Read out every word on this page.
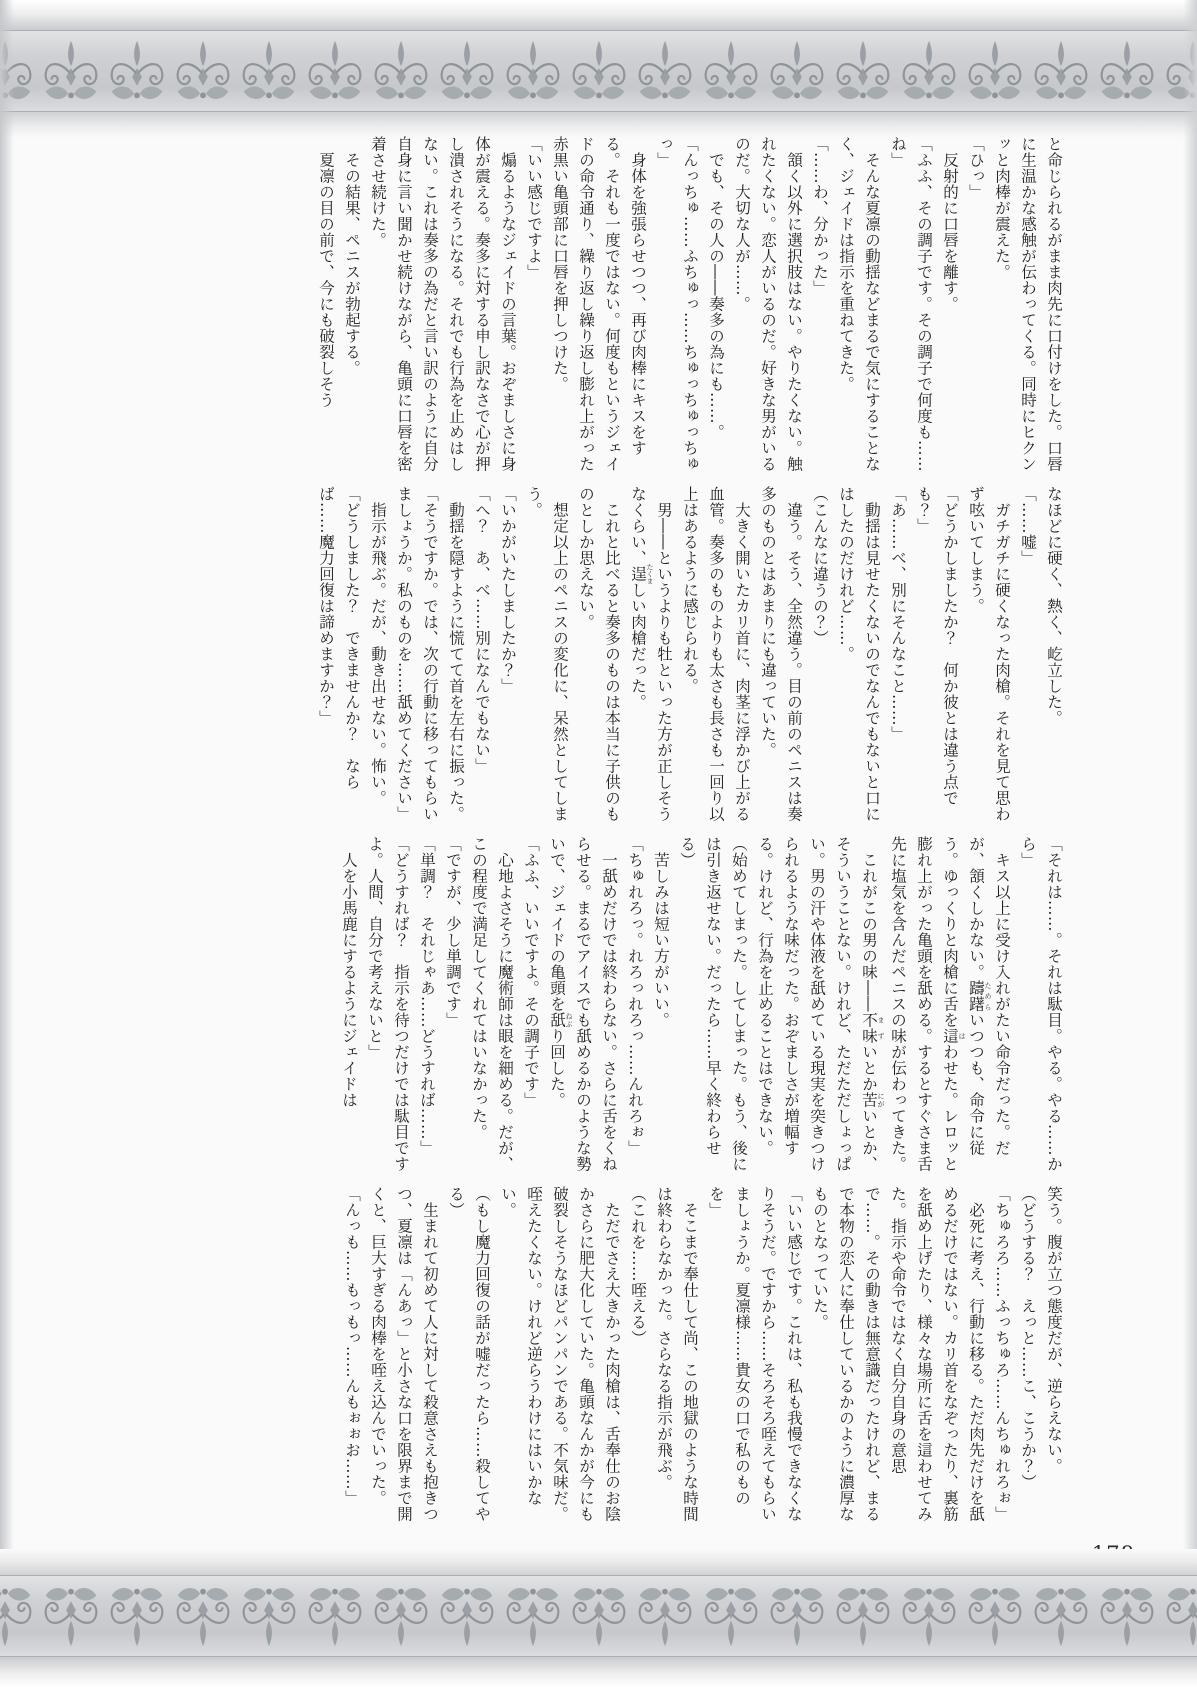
と命じられるがまま肉先に口付けをした。口唇に生温かな感触が伝わってくる。同時にヒクンッと肉棒が震えた。

「ひっ」

　反射的に口唇を離す。

「ふふ、その調子です。その調子で何度も……ね」

　そんな夏凛の動揺などまるで気にすることなく、ジェイドは指示を重ねてきた。

「……わ、分かった」

　頷く以外に選択肢はない。やりたくない。触れたくない。恋人がいるのだ。好きな男がいるのだ。大切な人が……。

　でも、その人の――奏多の為にも……。

「んっちゅ……ふちゅっ……ちゅっちゅっちゅっ」

　身体を強張らせつつ、再び肉棒にキスをする。それも一度ではない。何度もというジェイドの命令通り、繰り返し繰り返し膨れ上がった赤黒い亀頭部に口唇を押しつけた。

「いい感じですよ」

　煽るようなジェイドの言葉。おぞましさに身体が震える。奏多に対する申し訳なさで心が押し潰されそうになる。それでも行為を止めはしない。これは奏多の為だと言い訳のように自分自身に言い聞かせ続けながら、亀頭に口唇を密着させ続けた。

　その結果、ペニスが勃起する。

　夏凛の目の前で、今にも破裂しそう

なほどに硬く、熱く、屹立した。

「……嘘」

　ガチガチに硬くなった肉槍。それを見て思わず呟いてしまう。

「どうかしましたか？　何か彼とは違う点でも？」

「あ……べ、別にそんなこと……」

　動揺は見せたくないのでなんでもないと口にはしたのだけれど……。

（こんなに違うの？）

　違う。そう、全然違う。目の前のペニスは奏多のものとはあまりにも違っていた。

　大きく開いたカリ首に、肉茎に浮かび上がる血管。奏多のものよりも太さも長さも一回り以上はあるように感じられる。

　男――というよりも牡といった方が正しそうなくらい、逞 たくましい肉槍だった。

　これと比べると奏多のものは本当に子供のものとしか思えない。

　想定以上のペニスの変化に、呆然としてしまう。

「いかがいたしましたか？」

「へ？　あ、べ……別になんでもない」

　動揺を隠すように慌てて首を左右に振った。

「そうですか。では、次の行動に移ってもらいましょうか。私のものを……舐めてください」

　指示が飛ぶ。だが、動き出せない。怖い。

「どうしました？　できませんか？　ならば……魔力回復は諦めますか？」

「それは……。それは駄目。やる。やる……から」

　キス以上に受け入れがたい命令だった。だが、頷くしかない。躊躇 ためらいつつも、命令に従う。ゆっくりと肉槍に舌を這 はわせた。レロッと膨れ上がった亀頭を舐める。するとすぐさま舌先に塩気を含んだペニスの味が伝わってきた。

　これがこの男の味――不味 まずいとか苦 にがいとか、そういうことない。けれど、ただただしょっぱい。男の汗や体液を舐めている現実を突きつけられるような味だった。おぞましさが増幅する。けれど、行為を止めることはできない。

（始めてしまった。してしまった。もう、後には引き返せない。だったら……早く終わらせる）

　苦しみは短い方がいい。

「ちゅれろっ。れろっれろっ……んれろぉ」

　一舐めだけでは終わらない。さらに舌をくねらせる。まるでアイスでも舐めるかのような勢いで、ジェイドの亀頭を舐 ねぶり回した。

「ふふ、いいですよ。その調子です」

　心地よさそうに魔術師は眼を細める。だが、この程度で満足してくれてはいなかった。

「ですが、少し単調です」

「単調？　それじゃあ……どうすれば……」

「どうすれば？　指示を待つだけでは駄目ですよ。人間、自分で考えないと」

　人を小馬鹿にするようにジェイドは

笑う。腹が立つ態度だが、逆らえない。

（どうする？　えっと……こ、こうか？）

「ちゅろろ……ふっちゅろ……んちゅれろぉ」

　必死に考え、行動に移る。ただ肉先だけを舐めるだけではない。カリ首をなぞったり、裏筋を舐め上げたり、様々な場所に舌を這わせてみた。指示や命令ではなく自分自身の意思で……。その動きは無意識だったけれど、まるで本物の恋人に奉仕しているかのように濃厚なものとなっていた。

「いい感じです。これは、私も我慢できなくなりそうだ。ですから……そろそろ咥えてもらいましょうか。夏凛様……貴女の口で私のものを」

　そこまで奉仕して尚、この地獄のような時間は終わらなかった。さらなる指示が飛ぶ。

（これを……咥える）

　ただでさえ大きかった肉槍は、舌奉仕のお陰かさらに肥大化していた。亀頭なんかが今にも破裂しそうなほどパンパンである。不気味だ。咥えたくない。けれど逆らうわけにはいかない。

（もし魔力回復の話が嘘だったら……殺してやる）

　生まれて初めて人に対して殺意さえも抱きつつ、夏凛は「んあっ」と小さな口を限界まで開くと、巨大すぎる肉棒を咥え込んでいった。

「んっも……もっもっ……んもぉぉお……」
